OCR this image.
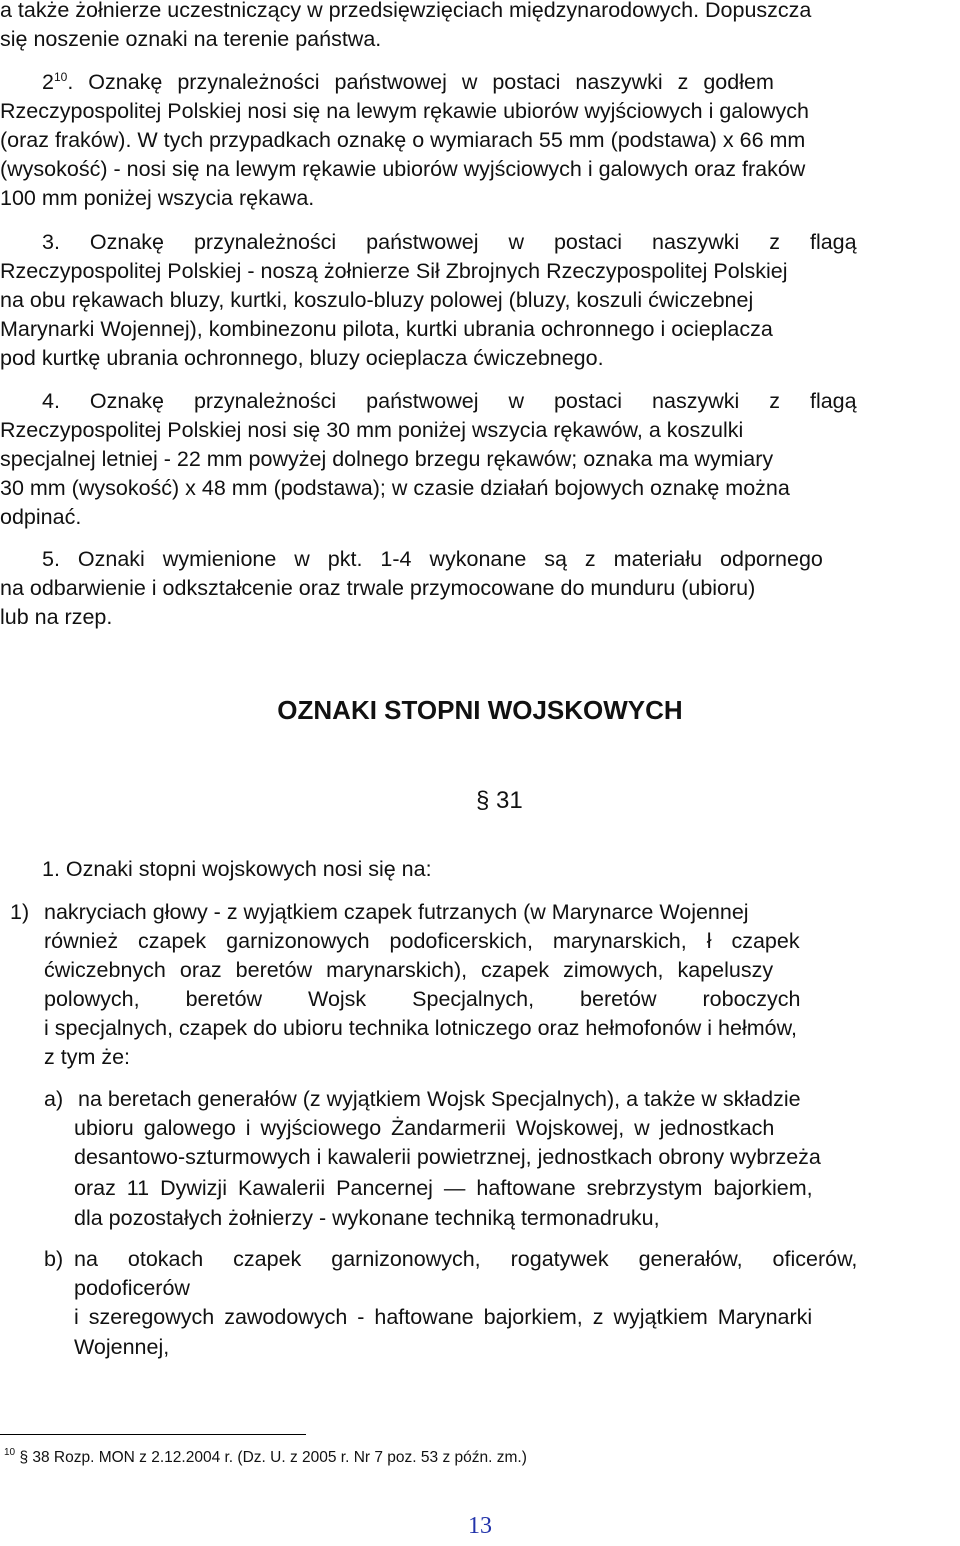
a także żołnierze uczestniczący w przedsięwzięciach międzynarodowych. Dopuszcza
się noszenie oznaki na terenie państwa.
$2^{10}$. Oznakę przynależności państwowej w postaci naszywki z godłem
Rzeczypospolitej Polskiej nosi się na lewym rękawie ubiorów wyjściowych i galowych
(oraz fraków). W tych przypadkach oznakę o wymiarach 55 mm (podstawa) x 66 mm
(wysokość) - nosi się na lewym rękawie ubiorów wyjściowych i galowych oraz fraków
100 mm poniżej wszycia rękawa.
3. Oznakę przynależności państwowej w postaci naszywki z flagą
Rzeczypospolitej Polskiej - noszą żołnierze Sił Zbrojnych Rzeczypospolitej Polskiej
na obu rękawach bluzy, kurtki, koszulo-bluzy polowej (bluzy, koszuli ćwiczebnej
Marynarki Wojennej), kombinezonu pilota, kurtki ubrania ochronnego i ocieplacza
pod kurtkę ubrania ochronnego, bluzy ocieplacza ćwiczebnego.
4. Oznakę przynależności państwowej w postaci naszywki z flagą
Rzeczypospolitej Polskiej nosi się 30 mm poniżej wszycia rękawów, a koszulki
specjalnej letniej - 22 mm powyżej dolnego brzegu rękawów; oznaka ma wymiary
30 mm (wysokość) x 48 mm (podstawa); w czasie działań bojowych oznakę można
odpinać.
5. Oznaki wymienione w pkt. 1-4 wykonane są z materiału odpornego
na odbarwienie i odkształcenie oraz trwale przymocowane do munduru (ubioru)
lub na rzep.
OZNAKI STOPNI WOJSKOWYCH
§ 31
1. Oznaki stopni wojskowych nosi się na:
1) nakryciach głowy - z wyjątkiem czapek futrzanych (w Marynarce Wojennej
również czapek garnizonowych podoficerskich, marynarskich, ł czapek
ćwiczebnych oraz beretów marynarskich), czapek zimowych, kapeluszy
polowych, beretów Wojsk Specjalnych, beretów roboczych
i specjalnych, czapek do ubioru technika lotniczego oraz hełmofonów i hełmów,
z tym że:
a) na beretach generałów (z wyjątkiem Wojsk Specjalnych), a także w składzie
ubioru galowego i wyjściowego Żandarmerii Wojskowej, w jednostkach
desantowo-szturmowych i kawalerii powietrznej, jednostkach obrony wybrzeża
oraz 11 Dywizji Kawalerii Pancernej — haftowane srebrzystym bajorkiem,
dla pozostałych żołnierzy - wykonane techniką termonadruku,
b) na otokach czapek garnizonowych, rogatywek generałów, oficerów,
podoficerów
i szeregowych zawodowych - haftowane bajorkiem, z wyjątkiem Marynarki
Wojennej,
$^{10}$ § 38 Rozp. MON z 2.12.2004 r. (Dz. U. z 2005 r. Nr 7 poz. 53 z późn. zm.)
13
